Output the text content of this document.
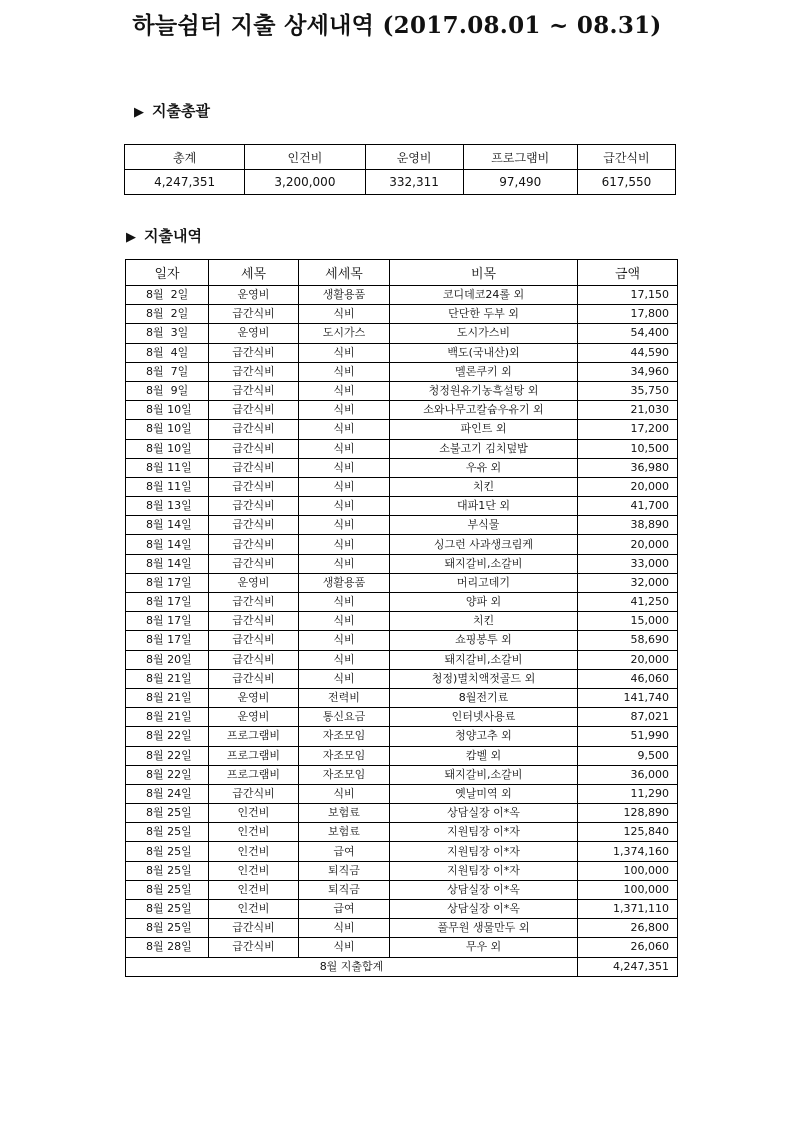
하늘쉼터 지출 상세내역 (2017.08.01 ~ 08.31)
▶ 지출총괄
총계	인건비	운영비	프로그램비	급간식비
4,247,351	3,200,000	332,311	97,490	617,550
▶ 지출내역
일자	세목	세세목	비목	금액
8월  2일	운영비	생활용품	코디데코24롤 외	17,150
8월  2일	급간식비	식비	단단한 두부 외	17,800
8월  3일	운영비	도시가스	도시가스비	54,400
8월  4일	급간식비	식비	백도(국내산)외	44,590
8월  7일	급간식비	식비	멜론쿠키 외	34,960
8월  9일	급간식비	식비	청정원유기농흑설탕 외	35,750
8월 10일	급간식비	식비	소와나무고칼슘우유기 외	21,030
8월 10일	급간식비	식비	파인트 외	17,200
8월 10일	급간식비	식비	소불고기 김치덮밥	10,500
8월 11일	급간식비	식비	우유 외	36,980
8월 11일	급간식비	식비	치킨	20,000
8월 13일	급간식비	식비	대파1단 외	41,700
8월 14일	급간식비	식비	부식물	38,890
8월 14일	급간식비	식비	싱그런 사과생크림케	20,000
8월 14일	급간식비	식비	돼지갈비,소갈비	33,000
8월 17일	운영비	생활용품	머리고데기	32,000
8월 17일	급간식비	식비	양파 외	41,250
8월 17일	급간식비	식비	치킨	15,000
8월 17일	급간식비	식비	쇼핑봉투 외	58,690
8월 20일	급간식비	식비	돼지갈비,소갈비	20,000
8월 21일	급간식비	식비	청정)멸치액젓골드 외	46,060
8월 21일	운영비	전력비	8월전기료	141,740
8월 21일	운영비	통신요금	인터넷사용료	87,021
8월 22일	프로그램비	자조모임	청양고추 외	51,990
8월 22일	프로그램비	자조모임	캄벨 외	9,500
8월 22일	프로그램비	자조모임	돼지갈비,소갈비	36,000
8월 24일	급간식비	식비	옛날미역 외	11,290
8월 25일	인건비	보험료	상담실장 이*옥	128,890
8월 25일	인건비	보험료	지원팀장 이*자	125,840
8월 25일	인건비	급여	지원팀장 이*자	1,374,160
8월 25일	인건비	퇴직금	지원팀장 이*자	100,000
8월 25일	인건비	퇴직금	상담실장 이*옥	100,000
8월 25일	인건비	급여	상담실장 이*옥	1,371,110
8월 25일	급간식비	식비	풀무원 생물만두 외	26,800
8월 28일	급간식비	식비	무우 외	26,060
8월 지출합계				4,247,351
